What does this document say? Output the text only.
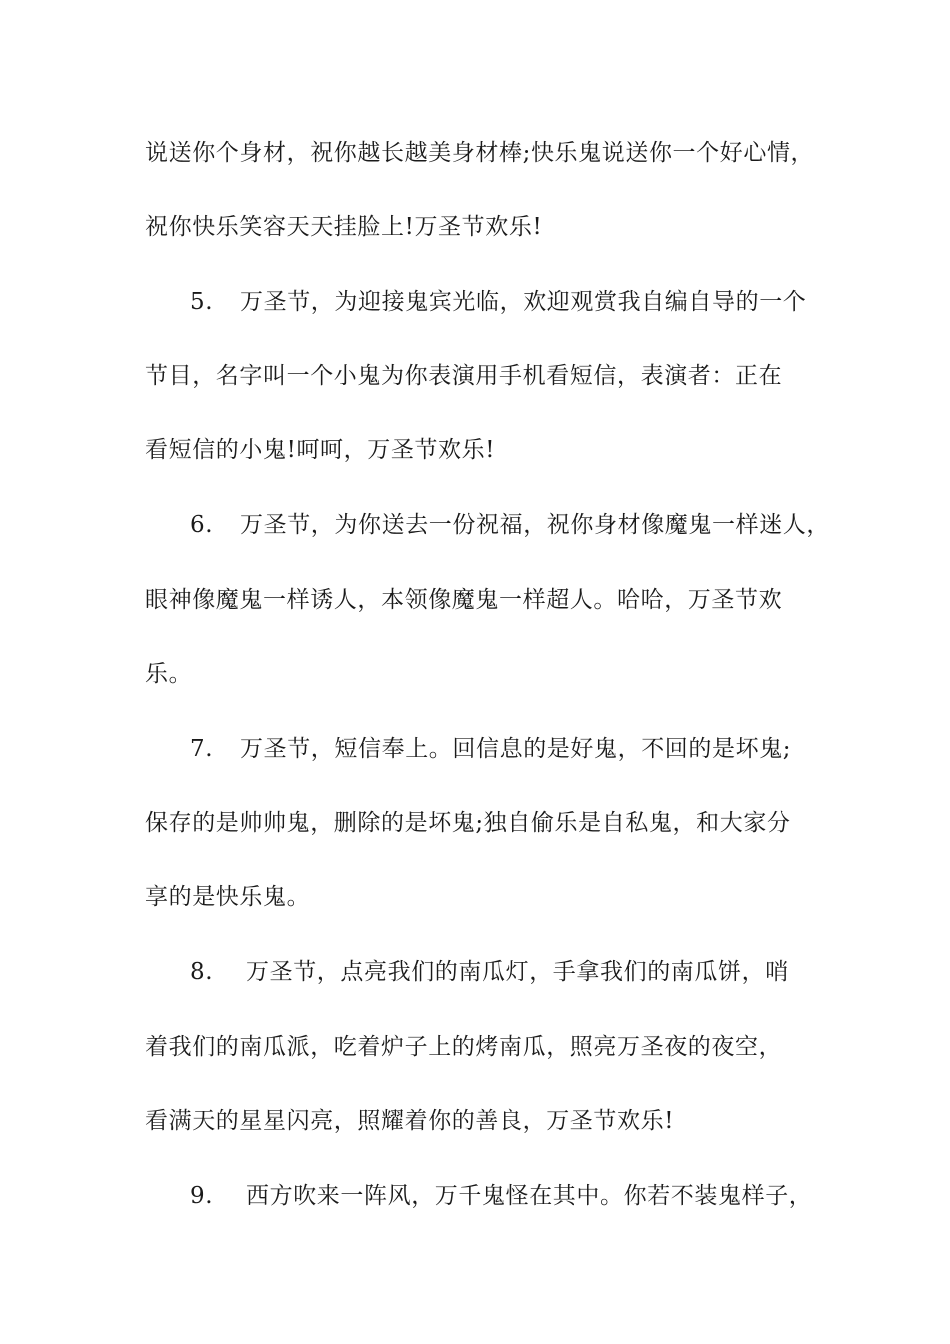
说送你个身材，祝你越长越美身材棒;快乐鬼说送你一个好心情，
祝你快乐笑容天天挂脸上!万圣节欢乐!
5. 万圣节，为迎接鬼宾光临，欢迎观赏我自编自导的一个
节目，名字叫一个小鬼为你表演用手机看短信，表演者：正在
看短信的小鬼!呵呵，万圣节欢乐!
6. 万圣节，为你送去一份祝福，祝你身材像魔鬼一样迷人，
眼神像魔鬼一样诱人，本领像魔鬼一样超人。哈哈，万圣节欢
乐。
7. 万圣节，短信奉上。回信息的是好鬼，不回的是坏鬼;
保存的是帅帅鬼，删除的是坏鬼;独自偷乐是自私鬼，和大家分
享的是快乐鬼。
8. 万圣节，点亮我们的南瓜灯，手拿我们的南瓜饼，哨
着我们的南瓜派，吃着炉子上的烤南瓜，照亮万圣夜的夜空，
看满天的星星闪亮，照耀着你的善良，万圣节欢乐!
9. 西方吹来一阵风，万千鬼怪在其中。你若不装鬼样子，
